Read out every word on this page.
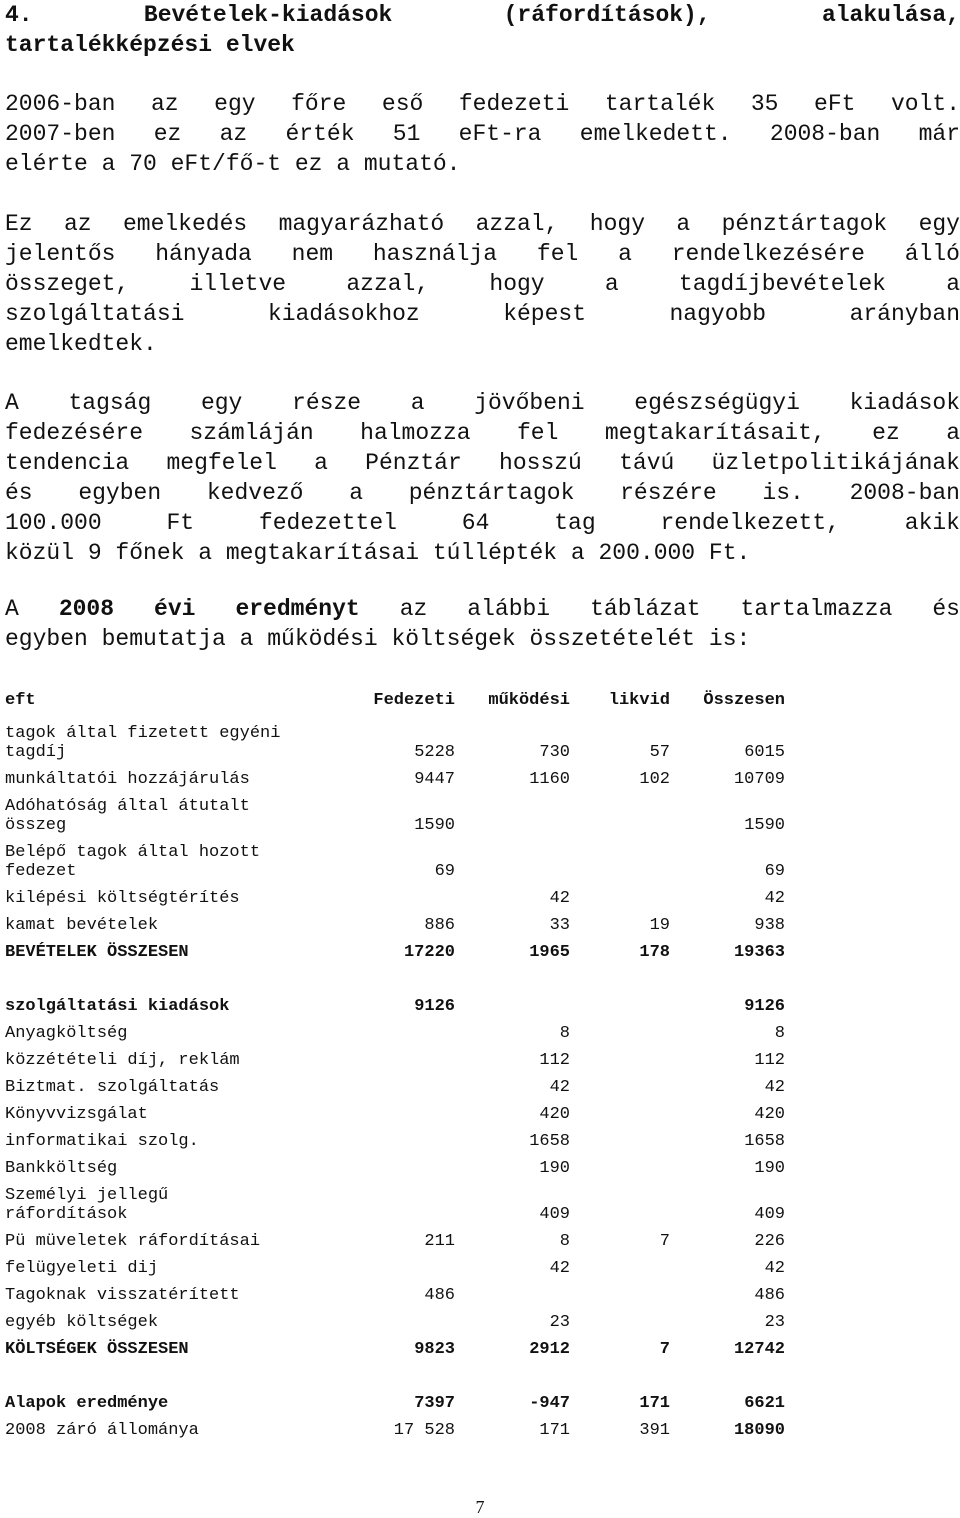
4.	Bevételek-kiadások	(ráfordítások),	alakulása,
tartalékképzési elvek
2006-ban az egy főre eső fedezeti tartalék 35 eFt volt.
2007-ben ez az érték 51 eFt-ra emelkedett. 2008-ban már
elérte a 70 eFt/fő-t ez a mutató.
Ez az emelkedés magyarázható azzal, hogy a pénztártagok egy
jelentős hányada nem használja fel a rendelkezésére álló
összeget, illetve azzal, hogy a tagdíjbevételek a
szolgáltatási kiadásokhoz képest nagyobb arányban
emelkedtek.
A tagság egy része a jövőbeni egészségügyi kiadások
fedezésére számláján halmozza fel megtakarításait, ez a
tendencia megfelel a Pénztár hosszú távú üzletpolitikájának
és egyben kedvező a pénztártagok részére is. 2008-ban
100.000 Ft fedezettel 64 tag rendelkezett, akik
közül 9 főnek a megtakarításai túllépték a 200.000 Ft.
A 2008 évi eredményt az alábbi táblázat tartalmazza és
egyben bemutatja a működési költségek összetételét is:
eft	Fedezeti	működési	likvid	Összesen

tagok által fizetett egyéni
tagdíj	5228	730	57	6015
munkáltatói hozzájárulás	9447	1160	102	10709
Adóhatóság által átutalt
összeg	1590			1590
Belépő tagok által hozott
fedezet	69			69
kilépési költségtérítés		42		42
kamat bevételek	886	33	19	938
BEVÉTELEK ÖSSZESEN	17220	1965	178	19363

szolgáltatási kiadások	9126			9126
Anyagköltség		8		8
közzétételi díj, reklám		112		112
Biztmat. szolgáltatás		42		42
Könyvvizsgálat		420		420
informatikai szolg.		1658		1658
Bankköltség		190		190
Személyi jellegű
ráfordítások		409		409
Pü müveletek ráfordításai	211	8	7	226
felügyeleti dij		42		42
Tagoknak visszatérített	486			486
egyéb költségek		23		23
KÖLTSÉGEK ÖSSZESEN	9823	2912	7	12742

Alapok eredménye	7397	-947	171	6621
2008 záró állománya	17 528	171	391	18090
7
